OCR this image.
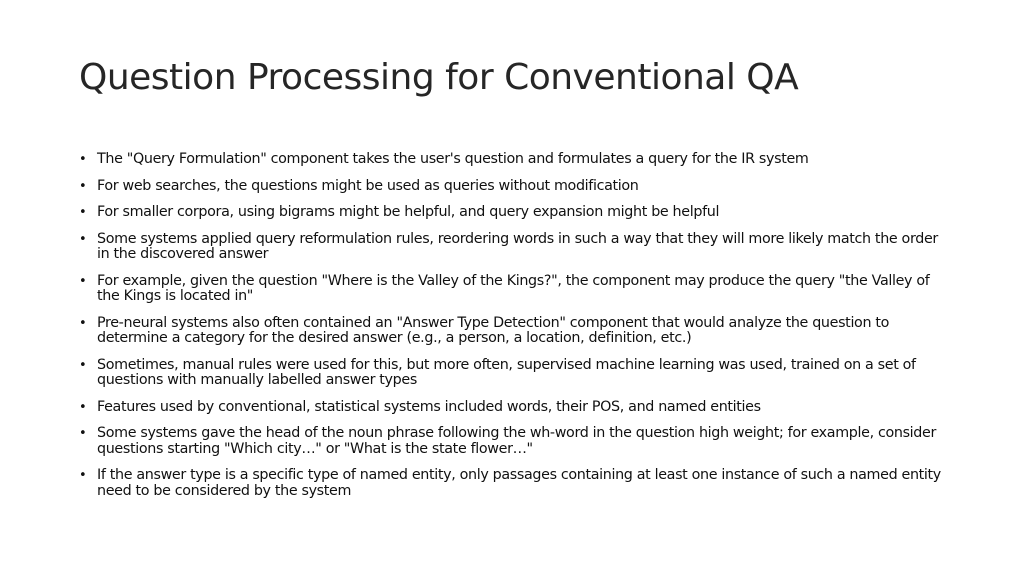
Question Processing for Conventional QA
• The "Query Formulation" component takes the user's question and formulates a query for the IR system
• For web searches, the questions might be used as queries without modification
• For smaller corpora, using bigrams might be helpful, and query expansion might be helpful
• Some systems applied query reformulation rules, reordering words in such a way that they will more likely match the order in the discovered answer
• For example, given the question "Where is the Valley of the Kings?", the component may produce the query "the Valley of the Kings is located in"
• Pre-neural systems also often contained an "Answer Type Detection" component that would analyze the question to determine a category for the desired answer (e.g., a person, a location, definition, etc.)
• Sometimes, manual rules were used for this, but more often, supervised machine learning was used, trained on a set of questions with manually labelled answer types
• Features used by conventional, statistical systems included words, their POS, and named entities
• Some systems gave the head of the noun phrase following the wh-word in the question high weight; for example, consider questions starting "Which city…" or "What is the state flower…"
• If the answer type is a specific type of named entity, only passages containing at least one instance of such a named entity need to be considered by the system
